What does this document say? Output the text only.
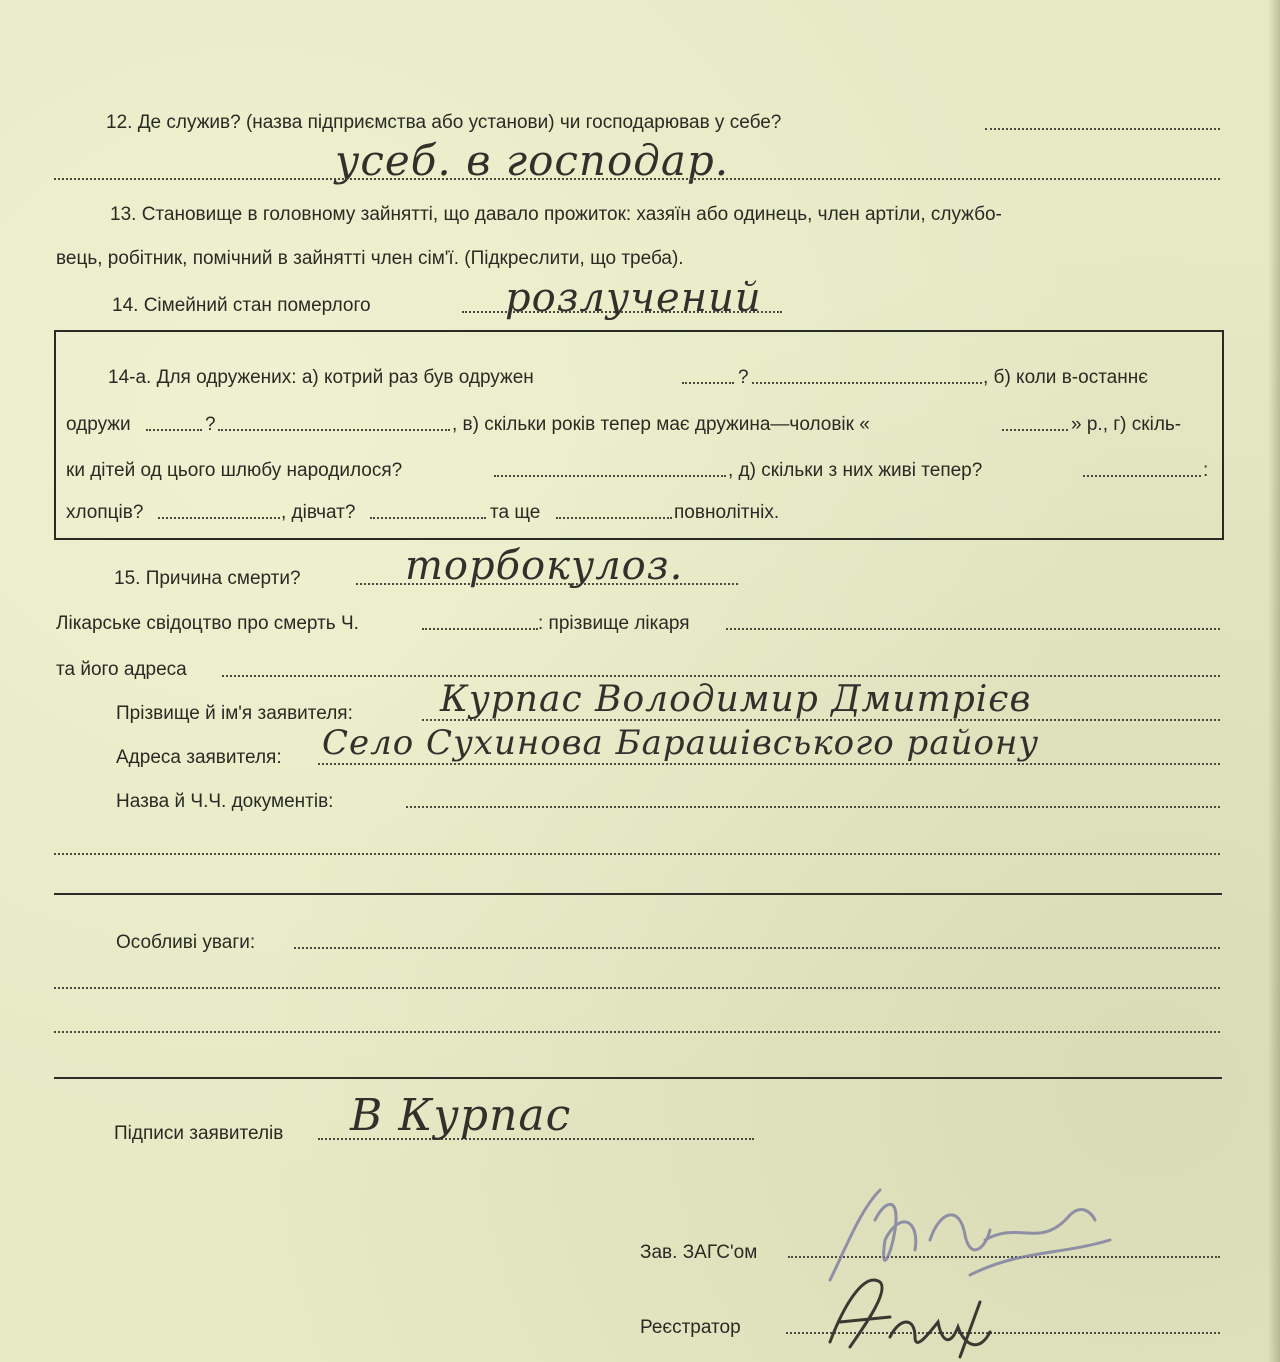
12. Де служив? (назва підприємства або установи) чи господарював у себе?
усеб. в господар.
13. Становище в головному зайнятті, що давало прожиток: хазяїн або одинець, член артіли, службо-
вець, робітник, помічний в зайнятті член сім'ї. (Підкреслити, що треба).
14. Сімейний стан померлого	розлучений
14-а. Для одружених: а) котрий раз був одружен	?	, б) коли в-останнє
одружи	?	, в) скільки років тепер має дружина—чоловік «	» р., г) скіль-
ки дітей од цього шлюбу народилося?	, д) скільки з них живі тепер?	:
хлопців?	, дівчат?	та ще	повнолітніх.
15. Причина смерти?	торбокулоз.
Лікарське свідоцтво про смерть Ч.	: прізвище лікаря
та його адреса
Прізвище й ім'я заявителя: Курпас Володимир Дмитрієв
Адреса заявителя: Село Сухинова Барашівського району
Назва й Ч.Ч. документів:
Особливі уваги:
Підписи заявителів В Курпас
Зав. ЗАГС'ом
Реєстратор
